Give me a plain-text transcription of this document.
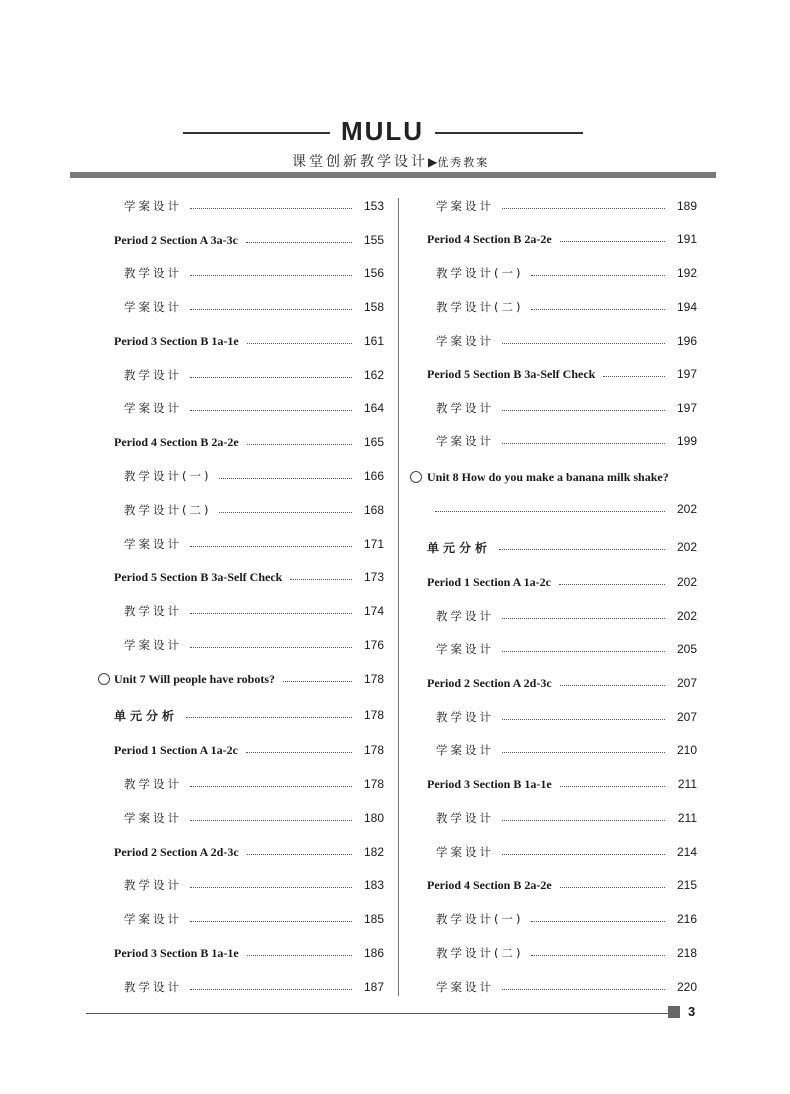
MULU
课堂创新教学设计▶优秀教案
学案设计	153
Period 2 Section A 3a-3c	155
教学设计	156
学案设计	158
Period 3 Section B 1a-1e	161
教学设计	162
学案设计	164
Period 4 Section B 2a-2e	165
教学设计(一)	166
教学设计(二)	168
学案设计	171
Period 5 Section B 3a-Self Check	173
教学设计	174
学案设计	176
Unit 7 Will people have robots?	178
单元分析	178
Period 1 Section A 1a-2c	178
教学设计	178
学案设计	180
Period 2 Section A 2d-3c	182
教学设计	183
学案设计	185
Period 3 Section B 1a-1e	186
教学设计	187
学案设计	189
Period 4 Section B 2a-2e	191
教学设计(一)	192
教学设计(二)	194
学案设计	196
Period 5 Section B 3a-Self Check	197
教学设计	197
学案设计	199
Unit 8 How do you make a banana milk shake?
202
单元分析	202
Period 1 Section A 1a-2c	202
教学设计	202
学案设计	205
Period 2 Section A 2d-3c	207
教学设计	207
学案设计	210
Period 3 Section B 1a-1e	211
教学设计	211
学案设计	214
Period 4 Section B 2a-2e	215
教学设计(一)	216
教学设计(二)	218
学案设计	220
3
